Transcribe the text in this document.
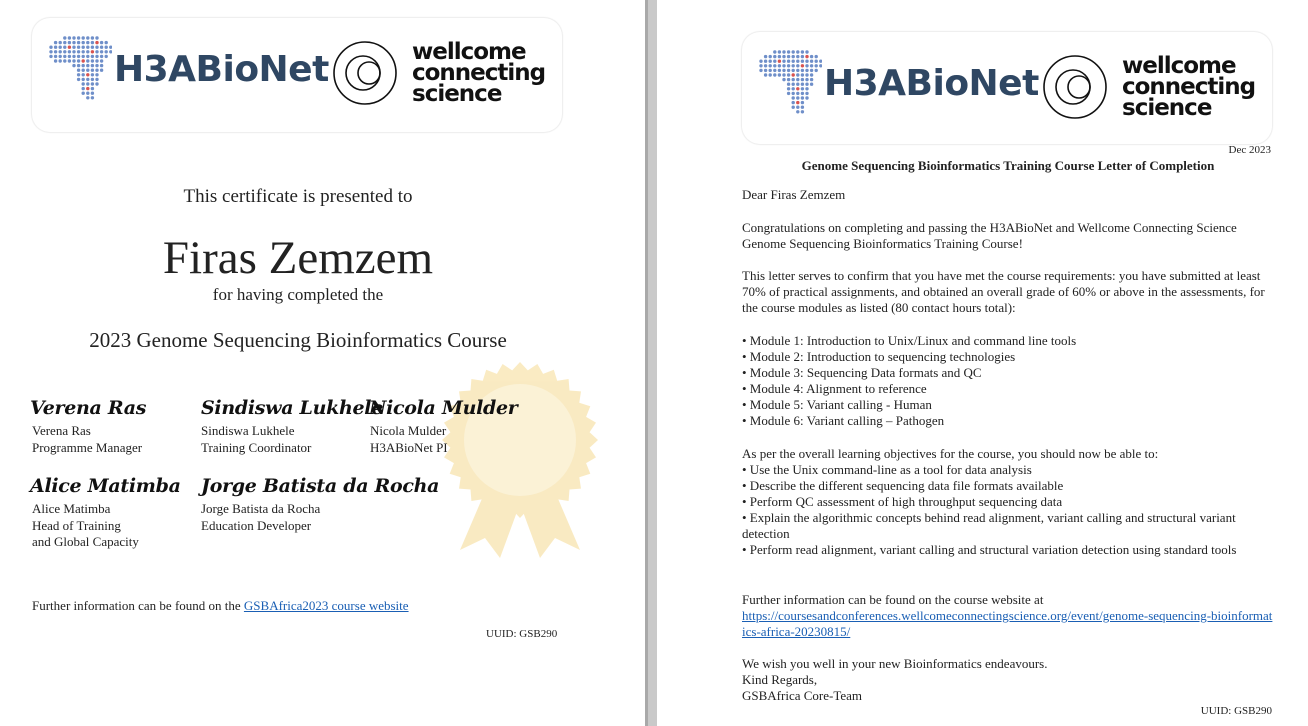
H3ABioNet	wellcome
connecting
science
This certificate is presented to
Firas Zemzem
for having completed the
2023 Genome Sequencing Bioinformatics Course
Verena Ras
Verena Ras
Programme Manager
Sindiswa Lukhele
Sindiswa Lukhele
Training Coordinator
Nicola Mulder
Nicola Mulder
H3ABioNet PI
Alice Matimba
Alice Matimba
Head of Training
and Global Capacity
Jorge Batista da Rocha
Jorge Batista da Rocha
Education Developer
Further information can be found on the GSBAfrica2023 course website
UUID: GSB290
H3ABioNet	wellcome
connecting
science
Dec 2023
Genome Sequencing Bioinformatics Training Course Letter of Completion
Dear Firas Zemzem
Congratulations on completing and passing the H3ABioNet and Wellcome Connecting Science Genome Sequencing Bioinformatics Training Course!
This letter serves to confirm that you have met the course requirements: you have submitted at least 70% of practical assignments, and obtained an overall grade of 60% or above in the assessments, for the course modules as listed (80 contact hours total):

• Module 1: Introduction to Unix/Linux and command line tools

• Module 2: Introduction to sequencing technologies

• Module 3: Sequencing Data formats and QC

• Module 4: Alignment to reference

• Module 5: Variant calling - Human

• Module 6: Variant calling – Pathogen

As per the overall learning objectives for the course, you should now be able to:

• Use the Unix command-line as a tool for data analysis

• Describe the different sequencing data file formats available

• Perform QC assessment of high throughput sequencing data

• Explain the algorithmic concepts behind read alignment, variant calling and structural variant detection

• Perform read alignment, variant calling and structural variation detection using standard tools

Further information can be found on the course website at

https://coursesandconferences.wellcomeconnectingscience.org/event/genome-sequencing-bioinformatics-africa-20230815/

We wish you well in your new Bioinformatics endeavours.

Kind Regards,

GSBAfrica Core-Team

UUID: GSB290
